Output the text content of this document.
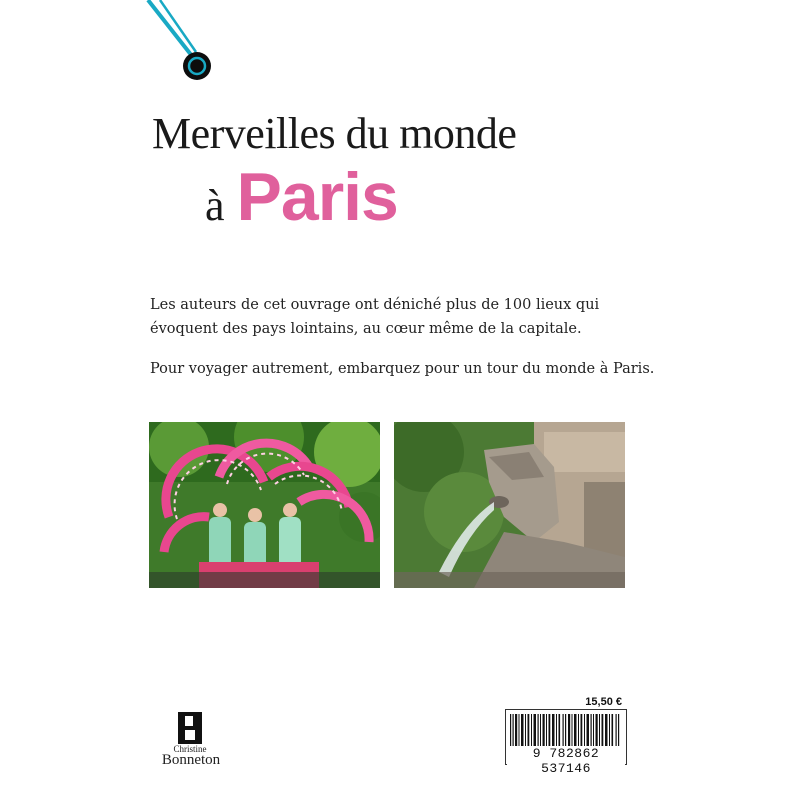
Merveilles du monde
à Paris
Les auteurs de cet ouvrage ont déniché plus de 100 lieux qui évoquent des pays lointains, au cœur même de la capitale.
Pour voyager autrement, embarquez pour un tour du monde à Paris.
15,50 €
9 782862 537146
Christine
Bonneton
